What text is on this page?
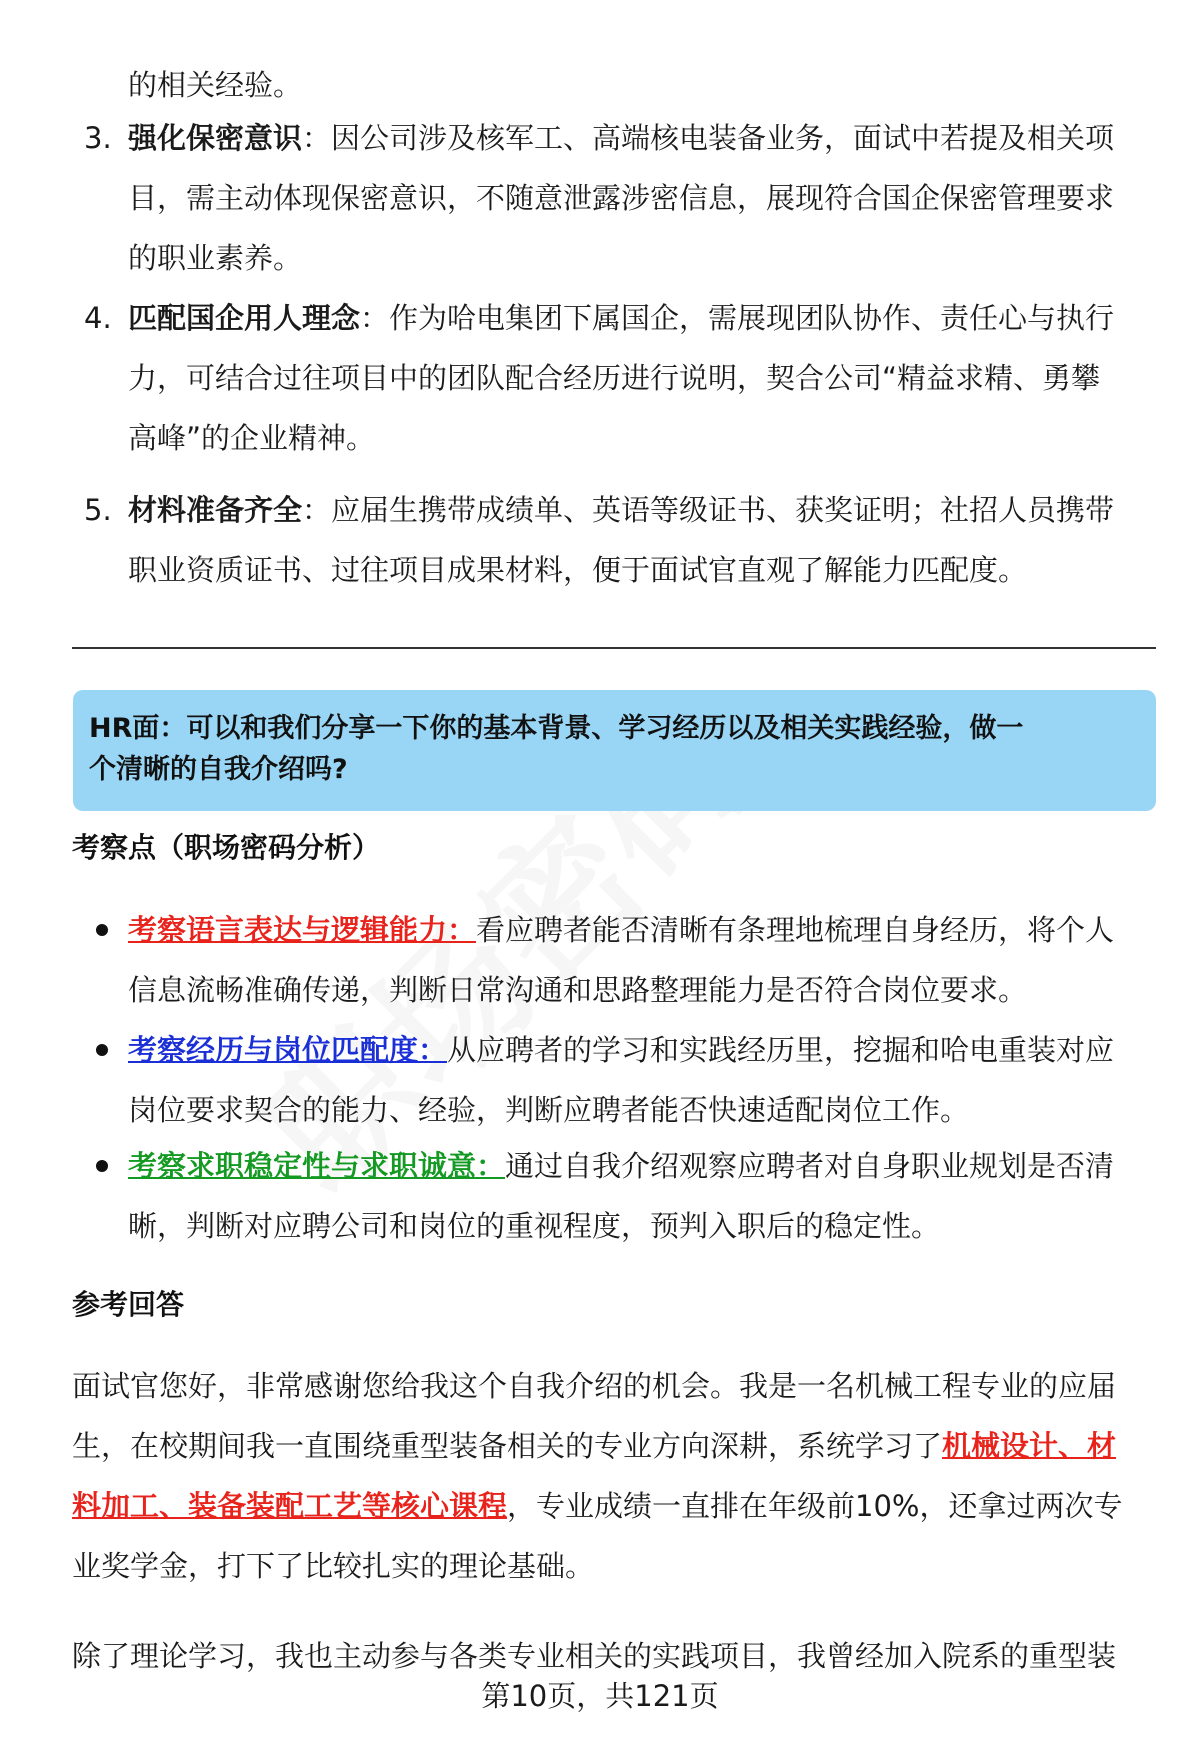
的相关经验。
3. 强化保密意识：因公司涉及核军工、高端核电装备业务，面试中若提及相关项
目，需主动体现保密意识，不随意泄露涉密信息，展现符合国企保密管理要求
的职业素养。
4. 匹配国企用人理念：作为哈电集团下属国企，需展现团队协作、责任心与执行
力，可结合过往项目中的团队配合经历进行说明，契合公司“精益求精、勇攀
高峰”的企业精神。
5. 材料准备齐全：应届生携带成绩单、英语等级证书、获奖证明；社招人员携带
职业资质证书、过往项目成果材料，便于面试官直观了解能力匹配度。
HR面：可以和我们分享一下你的基本背景、学习经历以及相关实践经验，做一
个清晰的自我介绍吗?
考察点（职场密码分析）
考察语言表达与逻辑能力：看应聘者能否清晰有条理地梳理自身经历，将个人
信息流畅准确传递，判断日常沟通和思路整理能力是否符合岗位要求。
考察经历与岗位匹配度：从应聘者的学习和实践经历里，挖掘和哈电重装对应
岗位要求契合的能力、经验，判断应聘者能否快速适配岗位工作。
考察求职稳定性与求职诚意：通过自我介绍观察应聘者对自身职业规划是否清
晰，判断对应聘公司和岗位的重视程度，预判入职后的稳定性。
参考回答
面试官您好，非常感谢您给我这个自我介绍的机会。我是一名机械工程专业的应届
生，在校期间我一直围绕重型装备相关的专业方向深耕，系统学习了机械设计、材
料加工、装备装配工艺等核心课程，专业成绩一直排在年级前10%，还拿过两次专
业奖学金，打下了比较扎实的理论基础。
除了理论学习，我也主动参与各类专业相关的实践项目，我曾经加入院系的重型装
第10页，共121页
